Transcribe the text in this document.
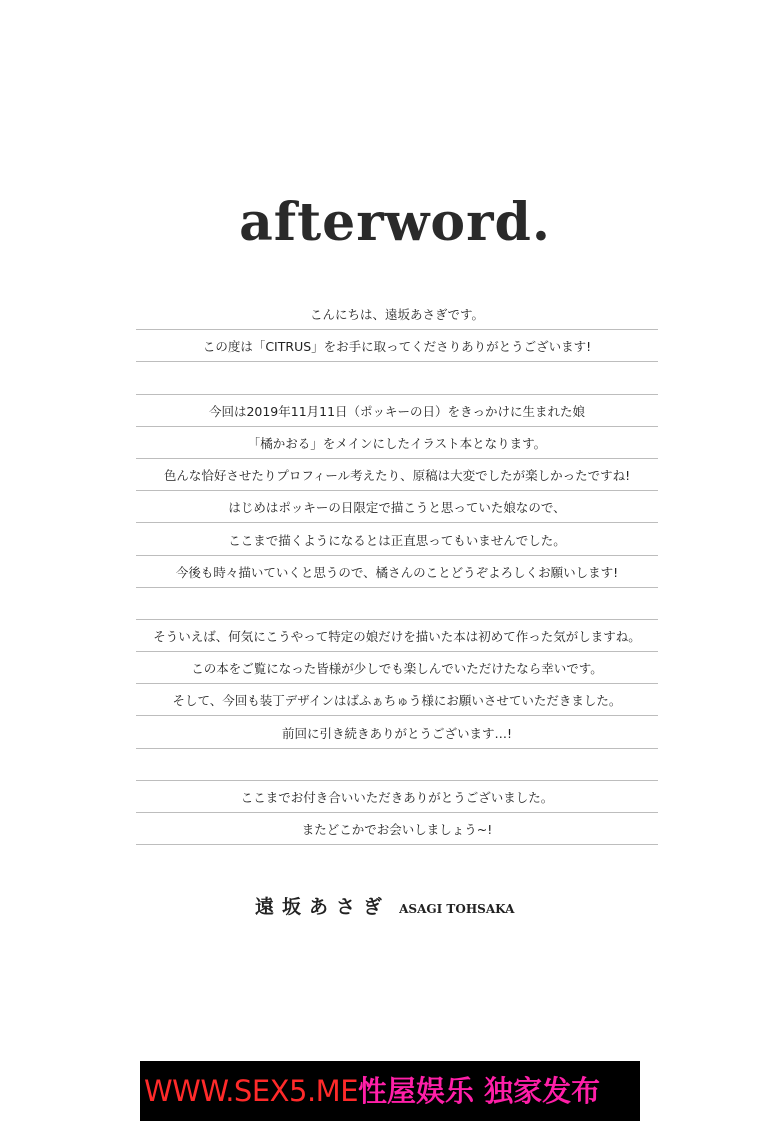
afterword.
こんにちは、遠坂あさぎです。
この度は「CITRUS」をお手に取ってくださりありがとうございます!
今回は2019年11月11日（ポッキーの日）をきっかけに生まれた娘
「橘かおる」をメインにしたイラスト本となります。
色んな恰好させたりプロフィール考えたり、原稿は大変でしたが楽しかったですね!
はじめはポッキーの日限定で描こうと思っていた娘なので、
ここまで描くようになるとは正直思ってもいませんでした。
今後も時々描いていくと思うので、橘さんのことどうぞよろしくお願いします!
そういえば、何気にこうやって特定の娘だけを描いた本は初めて作った気がしますね。
この本をご覧になった皆様が少しでも楽しんでいただけたなら幸いです。
そして、今回も装丁デザインはばふぁちゅう様にお願いさせていただきました。
前回に引き続きありがとうございます…!
ここまでお付き合いいただきありがとうございました。
またどこかでお会いしましょう~!
遠坂あさぎ ASAGI TOHSAKA
WWW.SEX5.ME性屋娱乐 独家发布
